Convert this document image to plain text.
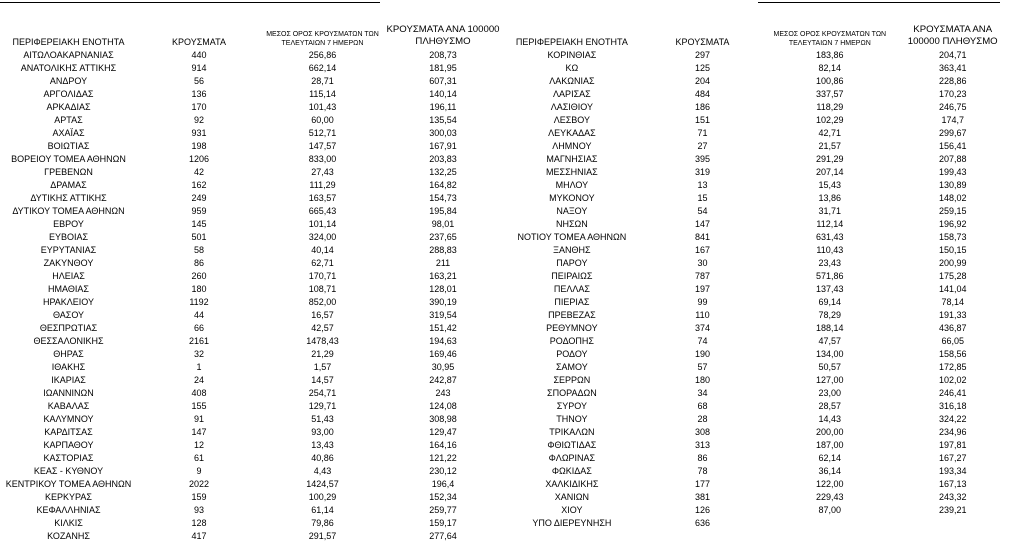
ΠΕΡΙΦΕΡΕΙΑΚΗ ΕΝΟΤΗΤΑ	ΚΡΟΥΣΜΑΤΑ	ΜΕΣΟΣ ΟΡΟΣ ΚΡΟΥΣΜΑΤΩΝ ΤΩΝ ΤΕΛΕΥΤΑΙΩΝ 7 ΗΜΕΡΩΝ	ΚΡΟΥΣΜΑΤΑ ΑΝΑ 100000 ΠΛΗΘΥΣΜΟ
ΑΙΤΩΛΟΑΚΑΡΝΑΝΙΑΣ	440	256,86	208,73
ΑΝΑΤΟΛΙΚΗΣ ΑΤΤΙΚΗΣ	914	662,14	181,95
ΑΝΔΡΟΥ	56	28,71	607,31
ΑΡΓΟΛΙΔΑΣ	136	115,14	140,14
ΑΡΚΑΔΙΑΣ	170	101,43	196,11
ΑΡΤΑΣ	92	60,00	135,54
ΑΧΑΪΑΣ	931	512,71	300,03
ΒΟΙΩΤΙΑΣ	198	147,57	167,91
ΒΟΡΕΙΟΥ ΤΟΜΕΑ ΑΘΗΝΩΝ	1206	833,00	203,83
ΓΡΕΒΕΝΩΝ	42	27,43	132,25
ΔΡΑΜΑΣ	162	111,29	164,82
ΔΥΤΙΚΗΣ ΑΤΤΙΚΗΣ	249	163,57	154,73
ΔΥΤΙΚΟΥ ΤΟΜΕΑ ΑΘΗΝΩΝ	959	665,43	195,84
ΕΒΡΟΥ	145	101,14	98,01
ΕΥΒΟΙΑΣ	501	324,00	237,65
ΕΥΡΥΤΑΝΙΑΣ	58	40,14	288,83
ΖΑΚΥΝΘΟΥ	86	62,71	211
ΗΛΕΙΑΣ	260	170,71	163,21
ΗΜΑΘΙΑΣ	180	108,71	128,01
ΗΡΑΚΛΕΙΟΥ	1192	852,00	390,19
ΘΑΣΟΥ	44	16,57	319,54
ΘΕΣΠΡΩΤΙΑΣ	66	42,57	151,42
ΘΕΣΣΑΛΟΝΙΚΗΣ	2161	1478,43	194,63
ΘΗΡΑΣ	32	21,29	169,46
ΙΘΑΚΗΣ	1	1,57	30,95
ΙΚΑΡΙΑΣ	24	14,57	242,87
ΙΩΑΝΝΙΝΩΝ	408	254,71	243
ΚΑΒΑΛΑΣ	155	129,71	124,08
ΚΑΛΥΜΝΟΥ	91	51,43	308,98
ΚΑΡΔΙΤΣΑΣ	147	93,00	129,47
ΚΑΡΠΑΘΟΥ	12	13,43	164,16
ΚΑΣΤΟΡΙΑΣ	61	40,86	121,22
ΚΕΑΣ - ΚΥΘΝΟΥ	9	4,43	230,12
ΚΕΝΤΡΙΚΟΥ ΤΟΜΕΑ ΑΘΗΝΩΝ	2022	1424,57	196,4
ΚΕΡΚΥΡΑΣ	159	100,29	152,34
ΚΕΦΑΛΛΗΝΙΑΣ	93	61,14	259,77
ΚΙΛΚΙΣ	128	79,86	159,17
ΚΟΖΑΝΗΣ	417	291,57	277,64
ΠΕΡΙΦΕΡΕΙΑΚΗ ΕΝΟΤΗΤΑ	ΚΡΟΥΣΜΑΤΑ	ΜΕΣΟΣ ΟΡΟΣ ΚΡΟΥΣΜΑΤΩΝ ΤΩΝ ΤΕΛΕΥΤΑΙΩΝ 7 ΗΜΕΡΩΝ	ΚΡΟΥΣΜΑΤΑ ΑΝΑ 100000 ΠΛΗΘΥΣΜΟ
ΚΟΡΙΝΘΙΑΣ	297	183,86	204,71
ΚΩ	125	82,14	363,41
ΛΑΚΩΝΙΑΣ	204	100,86	228,86
ΛΑΡΙΣΑΣ	484	337,57	170,23
ΛΑΣΙΘΙΟΥ	186	118,29	246,75
ΛΕΣΒΟΥ	151	102,29	174,7
ΛΕΥΚΑΔΑΣ	71	42,71	299,67
ΛΗΜΝΟΥ	27	21,57	156,41
ΜΑΓΝΗΣΙΑΣ	395	291,29	207,88
ΜΕΣΣΗΝΙΑΣ	319	207,14	199,43
ΜΗΛΟΥ	13	15,43	130,89
ΜΥΚΟΝΟΥ	15	13,86	148,02
ΝΑΞΟΥ	54	31,71	259,15
ΝΗΣΩΝ	147	112,14	196,92
ΝΟΤΙΟΥ ΤΟΜΕΑ ΑΘΗΝΩΝ	841	631,43	158,73
ΞΑΝΘΗΣ	167	110,43	150,15
ΠΑΡΟΥ	30	23,43	200,99
ΠΕΙΡΑΙΩΣ	787	571,86	175,28
ΠΕΛΛΑΣ	197	137,43	141,04
ΠΙΕΡΙΑΣ	99	69,14	78,14
ΠΡΕΒΕΖΑΣ	110	78,29	191,33
ΡΕΘΥΜΝΟΥ	374	188,14	436,87
ΡΟΔΟΠΗΣ	74	47,57	66,05
ΡΟΔΟΥ	190	134,00	158,56
ΣΑΜΟΥ	57	50,57	172,85
ΣΕΡΡΩΝ	180	127,00	102,02
ΣΠΟΡΑΔΩΝ	34	23,00	246,41
ΣΥΡΟΥ	68	28,57	316,18
ΤΗΝΟΥ	28	14,43	324,22
ΤΡΙΚΑΛΩΝ	308	200,00	234,96
ΦΘΙΩΤΙΔΑΣ	313	187,00	197,81
ΦΛΩΡΙΝΑΣ	86	62,14	167,27
ΦΩΚΙΔΑΣ	78	36,14	193,34
ΧΑΛΚΙΔΙΚΗΣ	177	122,00	167,13
ΧΑΝΙΩΝ	381	229,43	243,32
ΧΙΟΥ	126	87,00	239,21
ΥΠΟ ΔΙΕΡΕΥΝΗΣΗ	636		
